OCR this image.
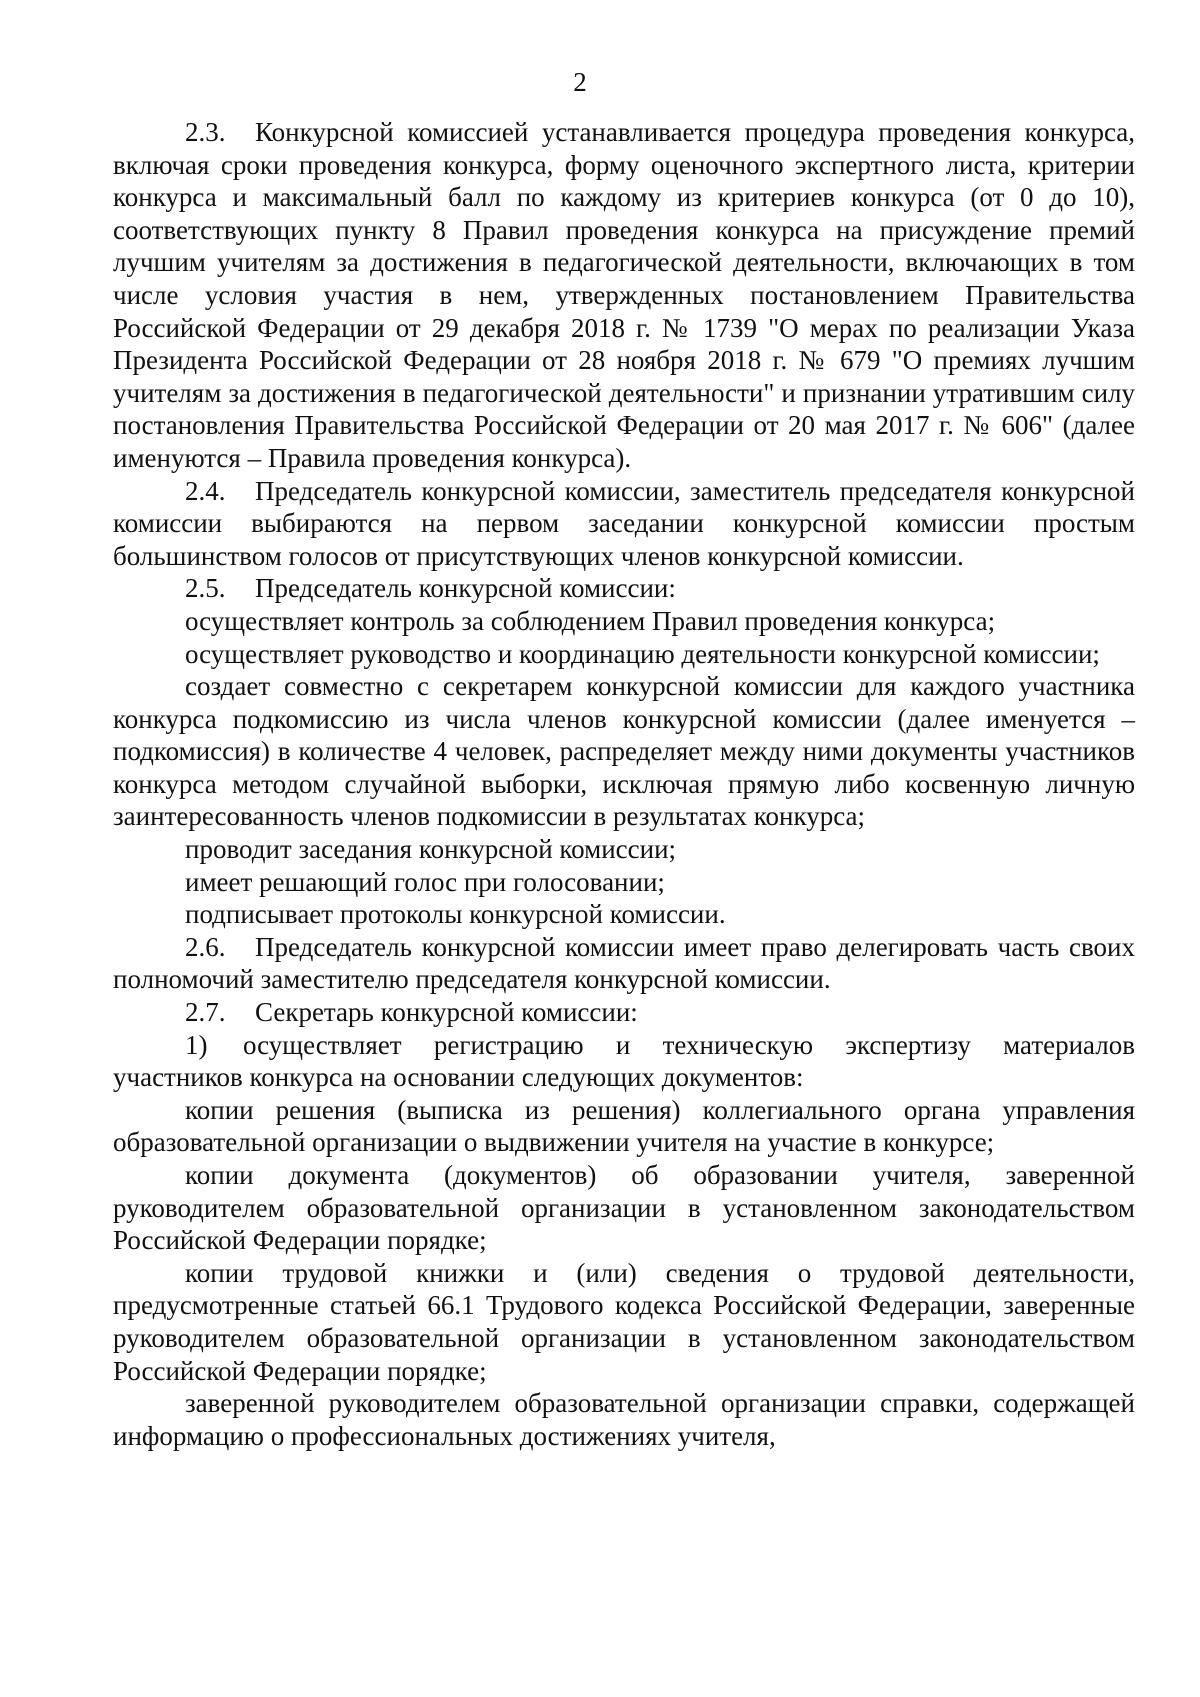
2

2.3. Конкурсной комиссией устанавливается процедура проведения конкурса, включая сроки проведения конкурса, форму оценочного экспертного листа, критерии конкурса и максимальный балл по каждому из критериев конкурса (от 0 до 10), соответствующих пункту 8 Правил проведения конкурса на присуждение премий лучшим учителям за достижения в педагогической деятельности, включающих в том числе условия участия в нем, утвержденных постановлением Правительства Российской Федерации от 29 декабря 2018 г. № 1739 "О мерах по реализации Указа Президента Российской Федерации от 28 ноября 2018 г. № 679 "О премиях лучшим учителям за достижения в педагогической деятельности" и признании утратившим силу постановления Правительства Российской Федерации от 20 мая 2017 г. № 606" (далее именуются – Правила проведения конкурса).

2.4. Председатель конкурсной комиссии, заместитель председателя конкурсной комиссии выбираются на первом заседании конкурсной комиссии простым большинством голосов от присутствующих членов конкурсной комиссии.

2.5. Председатель конкурсной комиссии:

осуществляет контроль за соблюдением Правил проведения конкурса;

осуществляет руководство и координацию деятельности конкурсной комиссии;

создает совместно с секретарем конкурсной комиссии для каждого участника конкурса подкомиссию из числа членов конкурсной комиссии (далее именуется – подкомиссия) в количестве 4 человек, распределяет между ними документы участников конкурса методом случайной выборки, исключая прямую либо косвенную личную заинтересованность членов подкомиссии в результатах конкурса;

проводит заседания конкурсной комиссии;

имеет решающий голос при голосовании;

подписывает протоколы конкурсной комиссии.

2.6. Председатель конкурсной комиссии имеет право делегировать часть своих полномочий заместителю председателя конкурсной комиссии.

2.7. Секретарь конкурсной комиссии:

1) осуществляет регистрацию и техническую экспертизу материалов участников конкурса на основании следующих документов:

копии решения (выписка из решения) коллегиального органа управления образовательной организации о выдвижении учителя на участие в конкурсе;

копии документа (документов) об образовании учителя, заверенной руководителем образовательной организации в установленном законодательством Российской Федерации порядке;

копии трудовой книжки и (или) сведения о трудовой деятельности, предусмотренные статьей 66.1 Трудового кодекса Российской Федерации, заверенные руководителем образовательной организации в установленном законодательством Российской Федерации порядке;

заверенной руководителем образовательной организации справки, содержащей информацию о профессиональных достижениях учителя,
